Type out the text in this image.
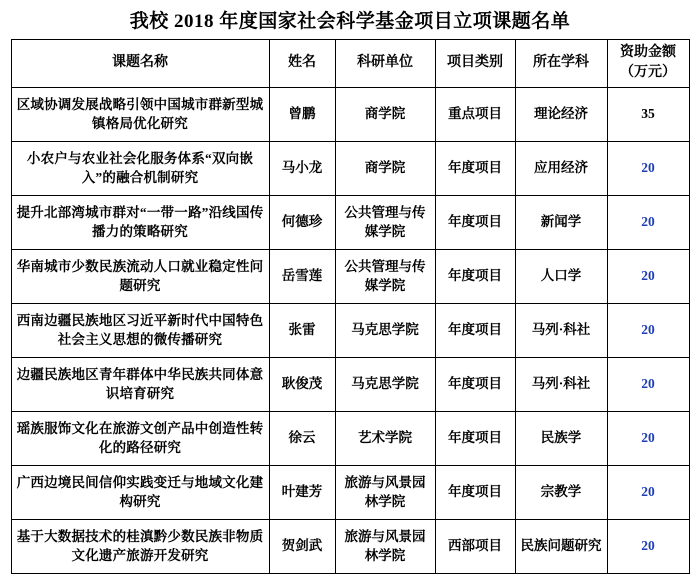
我校 2018 年度国家社会科学基金项目立项课题名单
课题名称	姓名	科研单位	项目类别	所在学科	资助金额
（万元）

区域协调发展战略引领中国城市群新型城镇格局优化研究	曾鹏	商学院	重点项目	理论经济	35
小农户与农业社会化服务体系“双向嵌入”的融合机制研究	马小龙	商学院	年度项目	应用经济	20
提升北部湾城市群对“一带一路”沿线国传播力的策略研究	何德珍	公共管理与传媒学院	年度项目	新闻学	20
华南城市少数民族流动人口就业稳定性问题研究	岳雪莲	公共管理与传媒学院	年度项目	人口学	20
西南边疆民族地区习近平新时代中国特色社会主义思想的微传播研究	张雷	马克思学院	年度项目	马列·科社	20
边疆民族地区青年群体中华民族共同体意识培育研究	耿俊茂	马克思学院	年度项目	马列·科社	20
瑶族服饰文化在旅游文创产品中创造性转化的路径研究	徐云	艺术学院	年度项目	民族学	20
广西边境民间信仰实践变迁与地域文化建构研究	叶建芳	旅游与风景园林学院	年度项目	宗教学	20
基于大数据技术的桂滇黔少数民族非物质文化遗产旅游开发研究	贺剑武	旅游与风景园林学院	西部项目	民族问题研究	20
